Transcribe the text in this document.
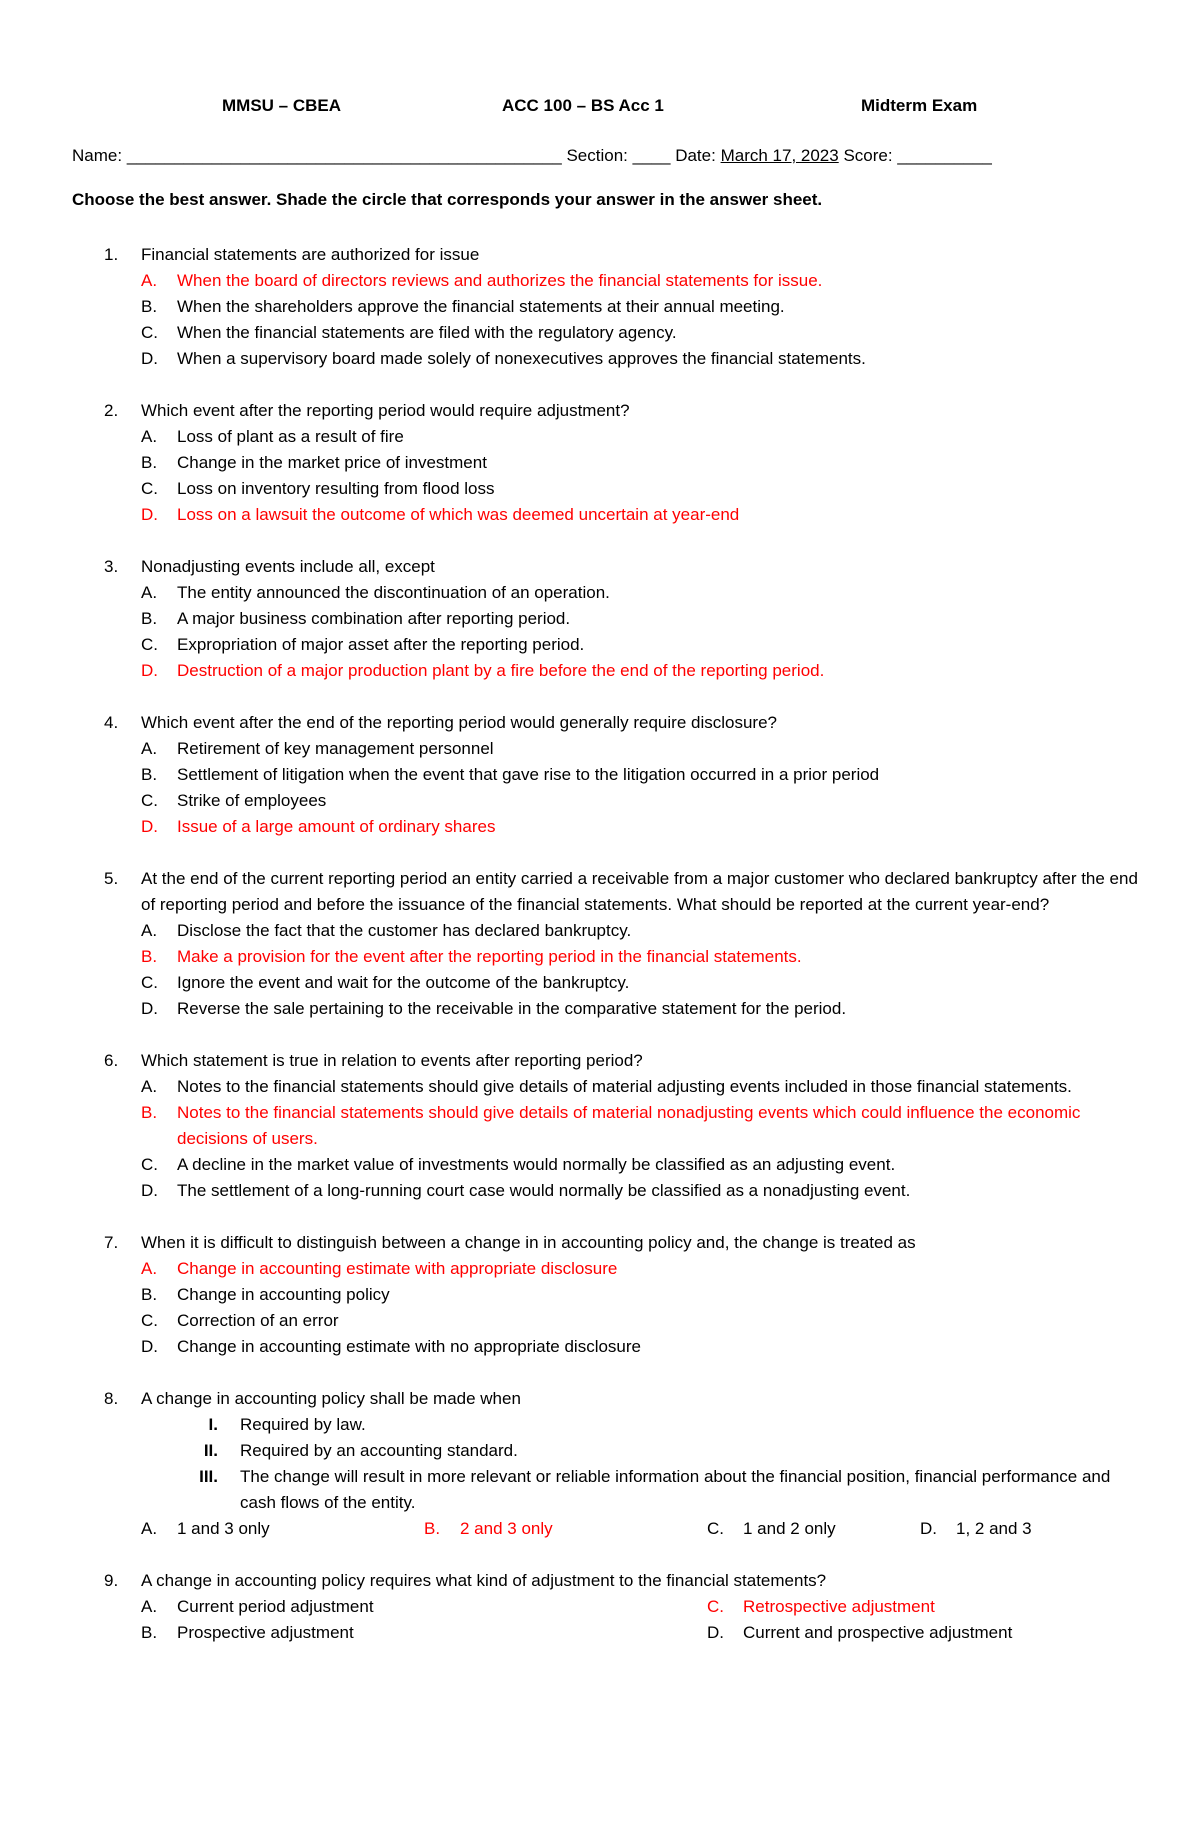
MMSU – CBEA	ACC 100 – BS Acc 1	Midterm Exam
Name: ______________________________________________ Section: ____ Date: March 17, 2023 Score: __________
Choose the best answer. Shade the circle that corresponds your answer in the answer sheet.
1. Financial statements are authorized for issue
A. When the board of directors reviews and authorizes the financial statements for issue.
B. When the shareholders approve the financial statements at their annual meeting.
C. When the financial statements are filed with the regulatory agency.
D. When a supervisory board made solely of nonexecutives approves the financial statements.
2. Which event after the reporting period would require adjustment?
A. Loss of plant as a result of fire
B. Change in the market price of investment
C. Loss on inventory resulting from flood loss
D. Loss on a lawsuit the outcome of which was deemed uncertain at year-end
3. Nonadjusting events include all, except
A. The entity announced the discontinuation of an operation.
B. A major business combination after reporting period.
C. Expropriation of major asset after the reporting period.
D. Destruction of a major production plant by a fire before the end of the reporting period.
4. Which event after the end of the reporting period would generally require disclosure?
A. Retirement of key management personnel
B. Settlement of litigation when the event that gave rise to the litigation occurred in a prior period
C. Strike of employees
D. Issue of a large amount of ordinary shares
5. At the end of the current reporting period an entity carried a receivable from a major customer who declared bankruptcy after the end of reporting period and before the issuance of the financial statements. What should be reported at the current year-end?
A. Disclose the fact that the customer has declared bankruptcy.
B. Make a provision for the event after the reporting period in the financial statements.
C. Ignore the event and wait for the outcome of the bankruptcy.
D. Reverse the sale pertaining to the receivable in the comparative statement for the period.
6. Which statement is true in relation to events after reporting period?
A. Notes to the financial statements should give details of material adjusting events included in those financial statements.
B. Notes to the financial statements should give details of material nonadjusting events which could influence the economic decisions of users.
C. A decline in the market value of investments would normally be classified as an adjusting event.
D. The settlement of a long-running court case would normally be classified as a nonadjusting event.
7. When it is difficult to distinguish between a change in in accounting policy and, the change is treated as
A. Change in accounting estimate with appropriate disclosure
B. Change in accounting policy
C. Correction of an error
D. Change in accounting estimate with no appropriate disclosure
8. A change in accounting policy shall be made when
I. Required by law.
II. Required by an accounting standard.
III. The change will result in more relevant or reliable information about the financial position, financial performance and cash flows of the entity.
A. 1 and 3 only	B. 2 and 3 only	C. 1 and 2 only	D. 1, 2 and 3
9. A change in accounting policy requires what kind of adjustment to the financial statements?
A. Current period adjustment	C. Retrospective adjustment
B. Prospective adjustment	D. Current and prospective adjustment
